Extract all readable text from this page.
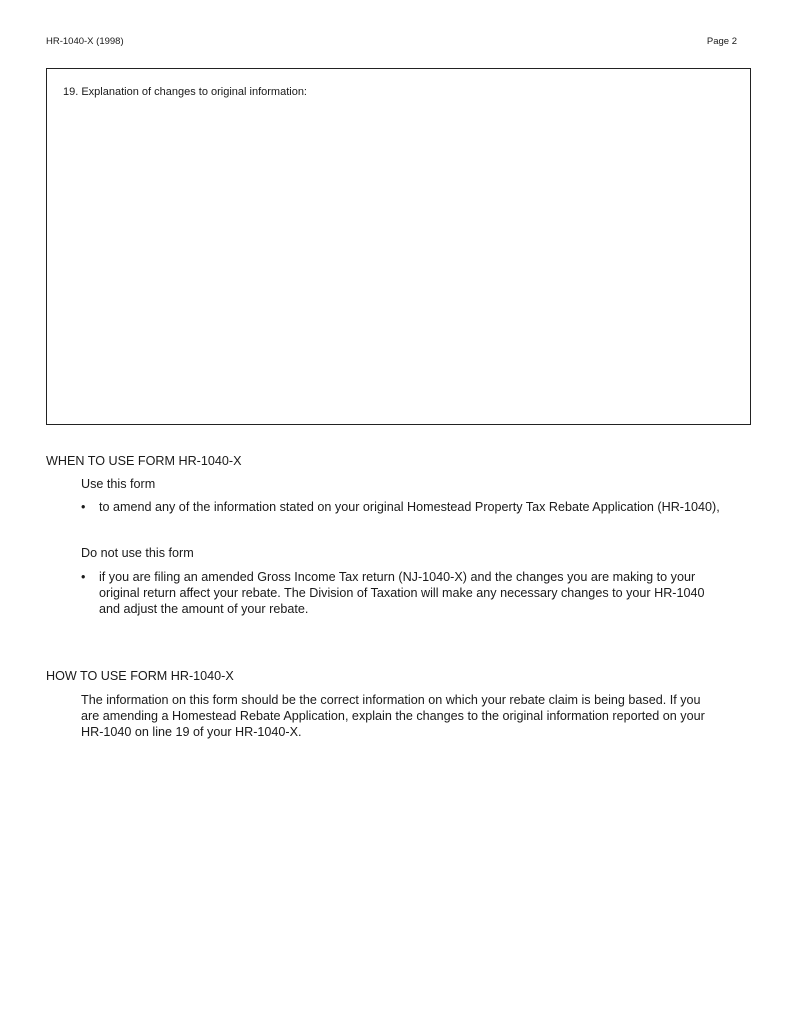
HR-1040-X (1998)	Page 2
19. Explanation of changes to original information:
WHEN TO USE FORM HR-1040-X
Use this form
• to amend any of the information stated on your original Homestead Property Tax Rebate Application (HR-1040),
Do not use this form
• if you are filing an amended Gross Income Tax return (NJ-1040-X) and the changes you are making to your
original return affect your rebate. The Division of Taxation will make any necessary changes to your HR-1040
and adjust the amount of your rebate.
HOW TO USE FORM HR-1040-X
The information on this form should be the correct information on which your rebate claim is being based. If you
are amending a Homestead Rebate Application, explain the changes to the original information reported on your
HR-1040 on line 19 of your HR-1040-X.
